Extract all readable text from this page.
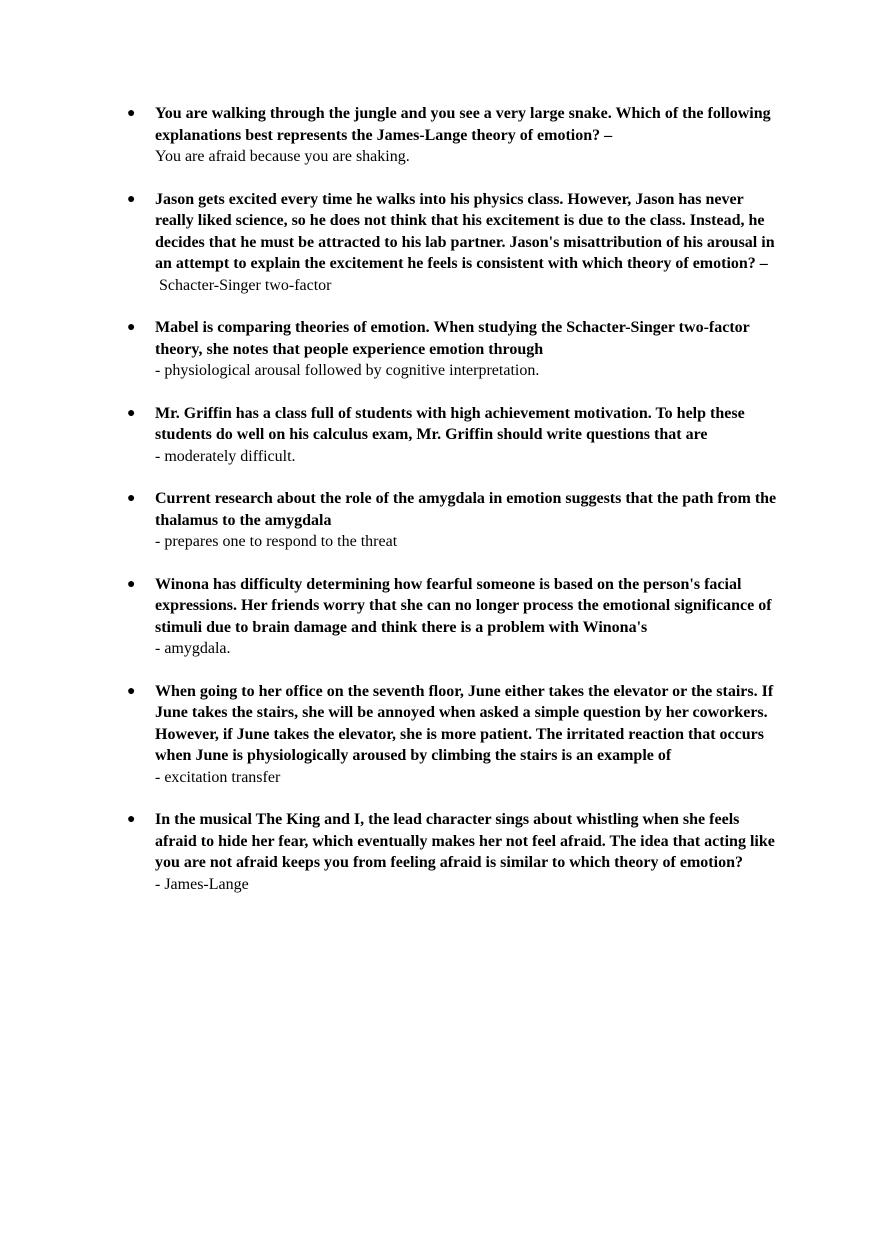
● You are walking through the jungle and you see a very large snake. Which of the following explanations best represents the James-Lange theory of emotion? –
You are afraid because you are shaking.
● Jason gets excited every time he walks into his physics class. However, Jason has never really liked science, so he does not think that his excitement is due to the class. Instead, he decides that he must be attracted to his lab partner. Jason's misattribution of his arousal in an attempt to explain the excitement he feels is consistent with which theory of emotion? –
Schacter-Singer two-factor
● Mabel is comparing theories of emotion. When studying the Schacter-Singer two-factor theory, she notes that people experience emotion through
- physiological arousal followed by cognitive interpretation.
● Mr. Griffin has a class full of students with high achievement motivation. To help these students do well on his calculus exam, Mr. Griffin should write questions that are
- moderately difficult.
● Current research about the role of the amygdala in emotion suggests that the path from the thalamus to the amygdala
- prepares one to respond to the threat
● Winona has difficulty determining how fearful someone is based on the person's facial expressions. Her friends worry that she can no longer process the emotional significance of stimuli due to brain damage and think there is a problem with Winona's
- amygdala.
● When going to her office on the seventh floor, June either takes the elevator or the stairs. If June takes the stairs, she will be annoyed when asked a simple question by her coworkers. However, if June takes the elevator, she is more patient. The irritated reaction that occurs when June is physiologically aroused by climbing the stairs is an example of
- excitation transfer
● In the musical The King and I, the lead character sings about whistling when she feels afraid to hide her fear, which eventually makes her not feel afraid. The idea that acting like you are not afraid keeps you from feeling afraid is similar to which theory of emotion?
- James-Lange
